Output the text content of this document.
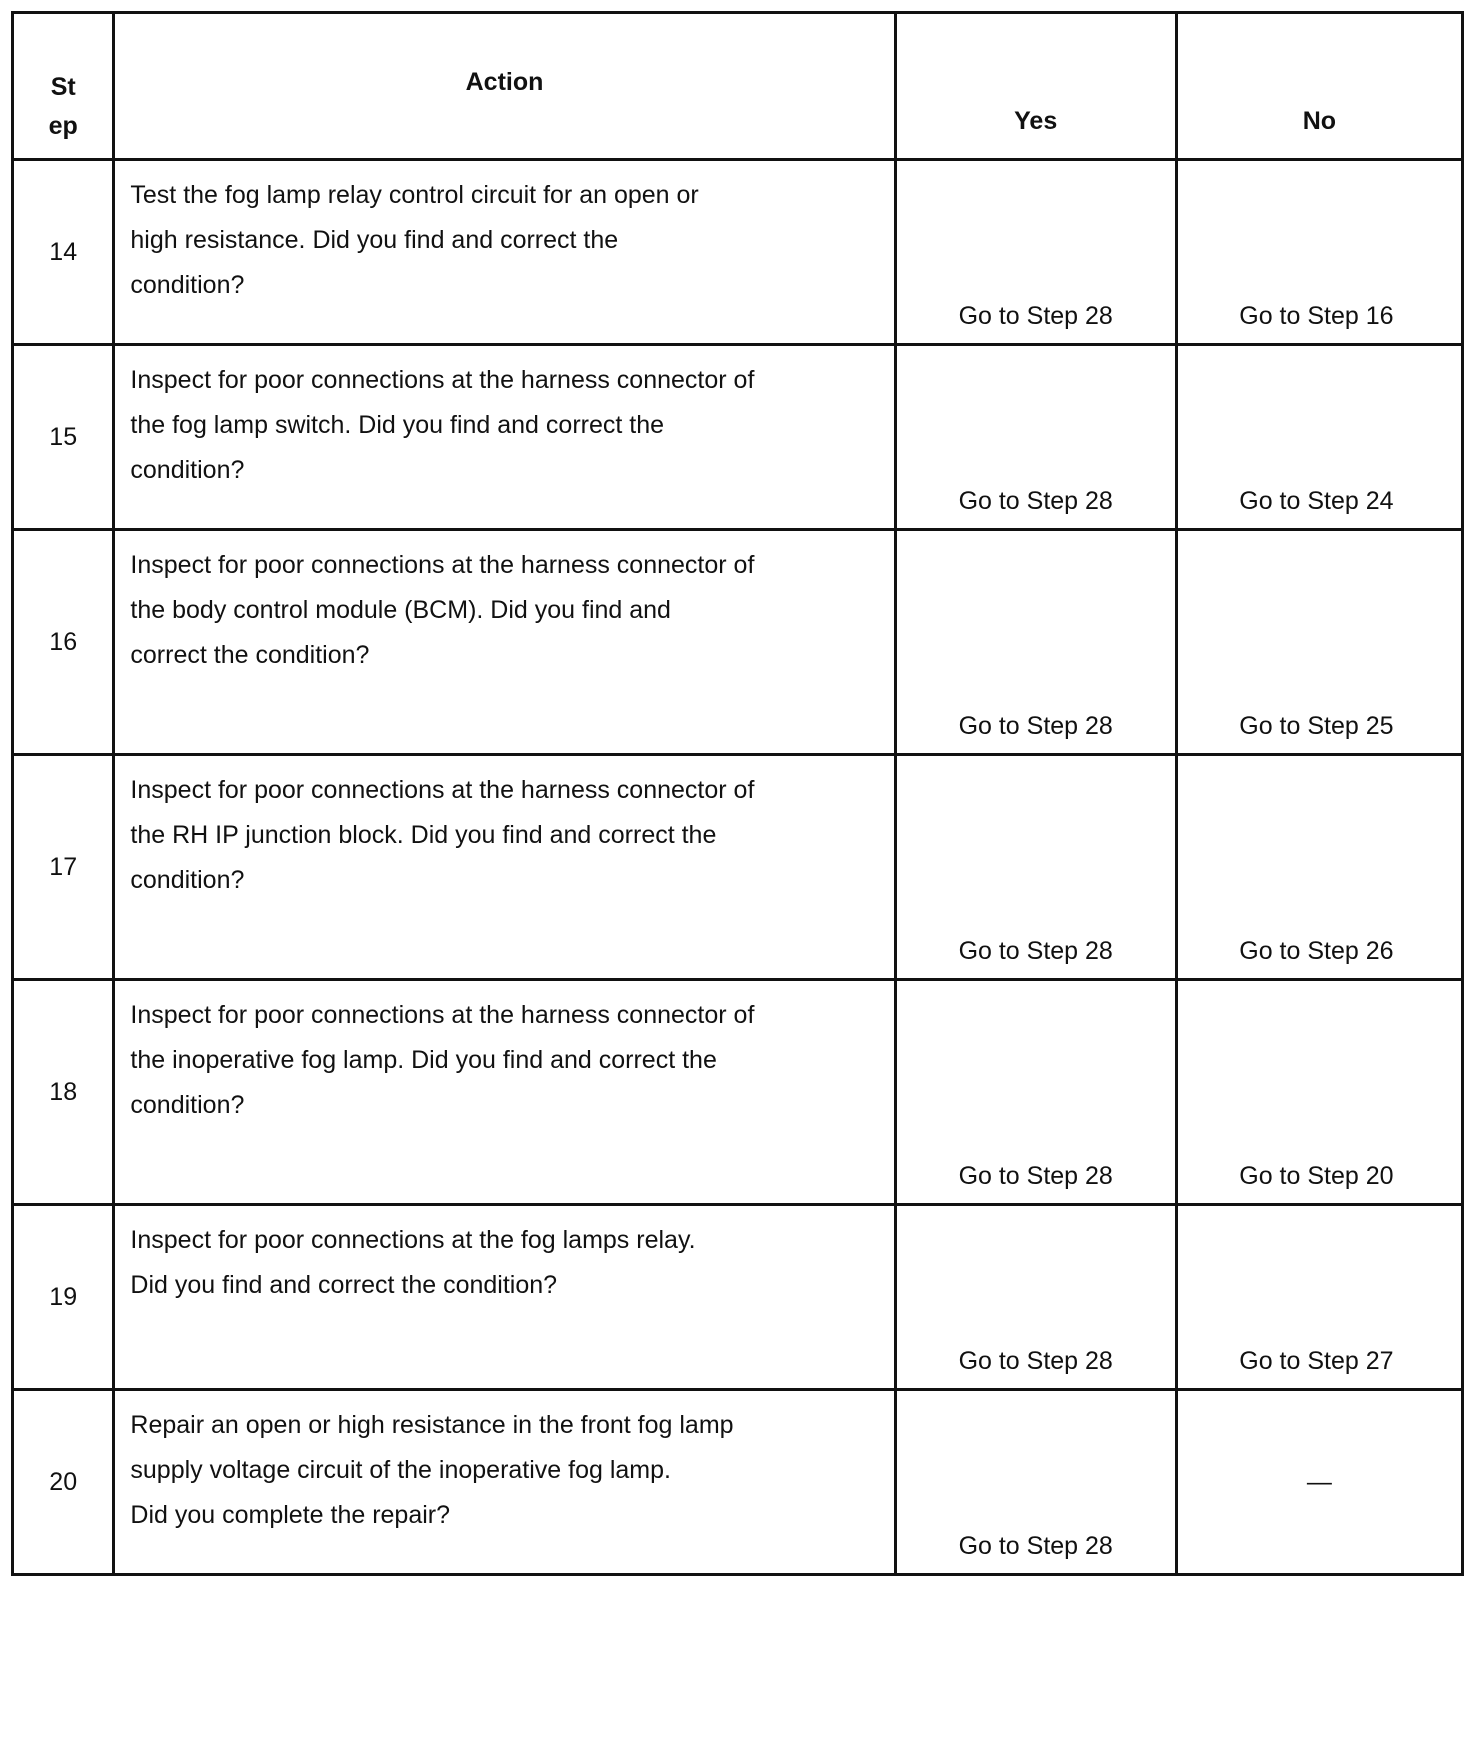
St
ep	Action	Yes	No

14	Test the fog lamp relay control circuit for an open or
high resistance. Did you find and correct the
condition?	Go to Step 28	Go to Step 16

15	Inspect for poor connections at the harness connector of
the fog lamp switch. Did you find and correct the
condition?	Go to Step 28	Go to Step 24

16	Inspect for poor connections at the harness connector of
the body control module (BCM). Did you find and
correct the condition?	Go to Step 28	Go to Step 25

17	Inspect for poor connections at the harness connector of
the RH IP junction block. Did you find and correct the
condition?	Go to Step 28	Go to Step 26

18	Inspect for poor connections at the harness connector of
the inoperative fog lamp. Did you find and correct the
condition?	Go to Step 28	Go to Step 20

19	Inspect for poor connections at the fog lamps relay.
Did you find and correct the condition?	Go to Step 28	Go to Step 27

20	Repair an open or high resistance in the front fog lamp
supply voltage circuit of the inoperative fog lamp.
Did you complete the repair?	Go to Step 28	—
